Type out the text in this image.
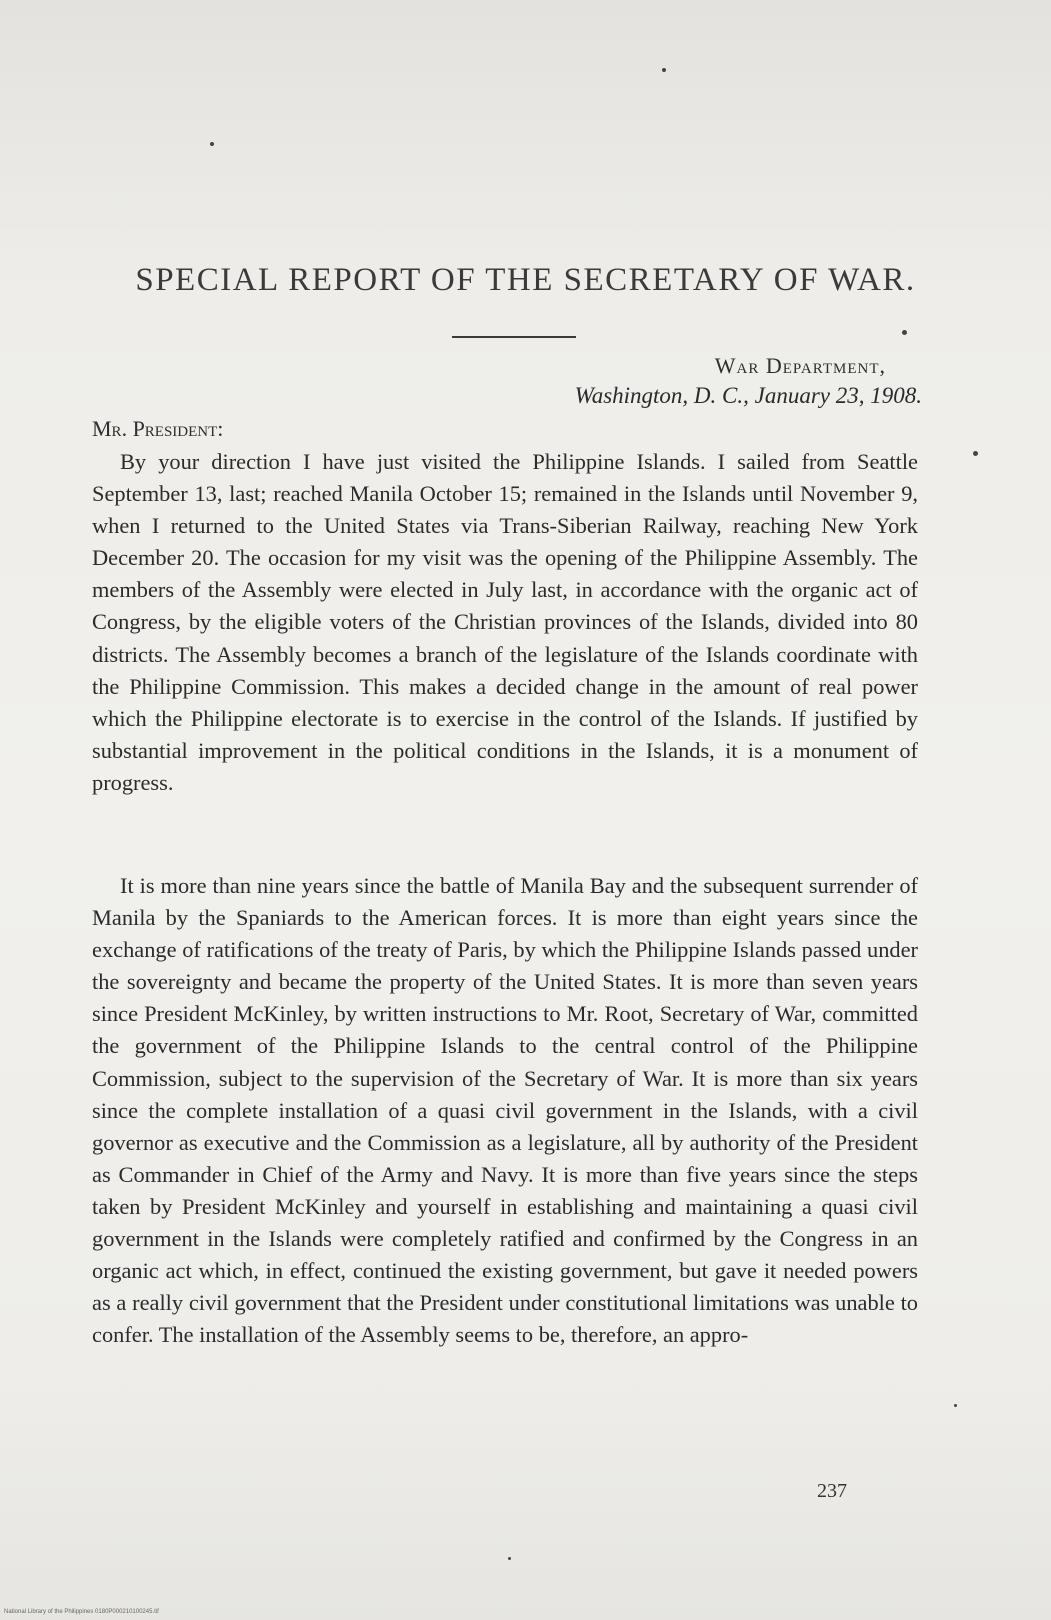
SPECIAL REPORT OF THE SECRETARY OF WAR.
War Department,
Washington, D. C., January 23, 1908.
Mr. President:

By your direction I have just visited the Philippine Islands. I sailed from Seattle September 13, last; reached Manila October 15; remained in the Islands until November 9, when I returned to the United States via Trans-Siberian Railway, reaching New York December 20. The occasion for my visit was the opening of the Philippine Assembly. The members of the Assembly were elected in July last, in accordance with the organic act of Congress, by the eligible voters of the Christian provinces of the Islands, divided into 80 districts. The Assembly becomes a branch of the legislature of the Islands coordinate with the Philippine Commission. This makes a decided change in the amount of real power which the Philippine electorate is to exercise in the control of the Islands. If justified by substantial improvement in the political conditions in the Islands, it is a monument of progress.

It is more than nine years since the battle of Manila Bay and the subsequent surrender of Manila by the Spaniards to the American forces. It is more than eight years since the exchange of ratifications of the treaty of Paris, by which the Philippine Islands passed under the sovereignty and became the property of the United States. It is more than seven years since President McKinley, by written instructions to Mr. Root, Secretary of War, committed the government of the Philippine Islands to the central control of the Philippine Commission, subject to the supervision of the Secretary of War. It is more than six years since the complete installation of a quasi civil government in the Islands, with a civil governor as executive and the Commission as a legislature, all by authority of the President as Commander in Chief of the Army and Navy. It is more than five years since the steps taken by President McKinley and yourself in establishing and maintaining a quasi civil government in the Islands were completely ratified and confirmed by the Congress in an organic act which, in effect, continued the existing government, but gave it needed powers as a really civil government that the President under constitutional limitations was unable to confer. The installation of the Assembly seems to be, therefore, an appro-

237
National Library of the Philippines 0180P000210100245.tif
